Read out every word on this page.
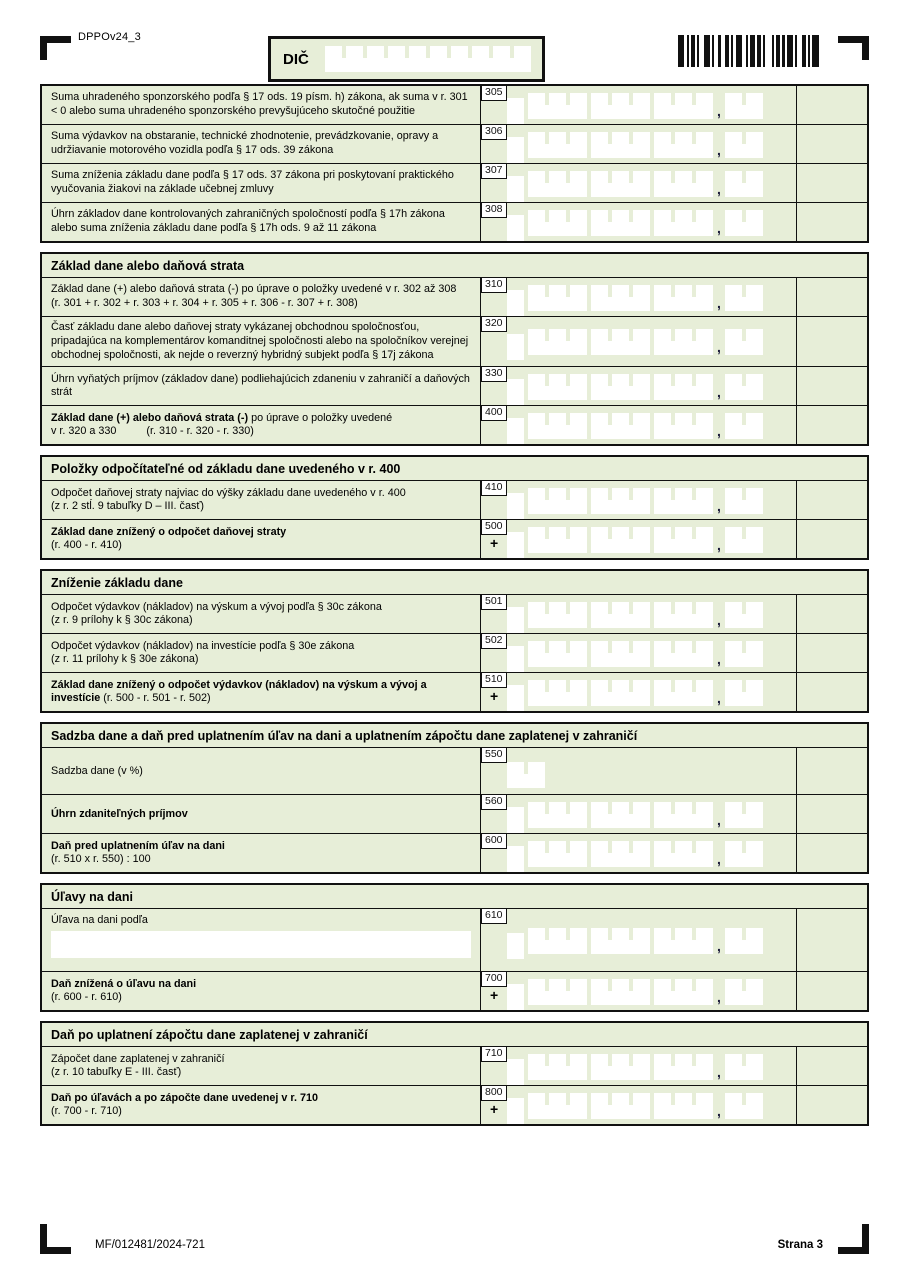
DPPOv24_3
DIČ
Suma uhradeného sponzorského podľa § 17 ods. 19 písm. h) zákona, ak suma v r. 301 < 0 alebo suma uhradeného sponzorského prevyšujúceho skutočné použitie
305
,
Suma výdavkov na obstaranie, technické zhodnotenie, prevádzkovanie, opravy a udržiavanie motorového vozidla podľa § 17 ods. 39 zákona
306
,
Suma zníženia základu dane podľa § 17 ods. 37 zákona pri poskytovaní praktického vyučovania žiakovi na základe učebnej zmluvy
307
,
Úhrn základov dane kontrolovaných zahraničných spoločností podľa § 17h zákona alebo suma zníženia základu dane podľa § 17h ods. 9 až 11 zákona
308
,
Základ dane alebo daňová strata
Základ dane (+) alebo daňová strata (-) po úprave o položky uvedené v r. 302 až 308
(r. 301 + r. 302 + r. 303 + r. 304 + r. 305 + r. 306 - r. 307 + r. 308)
310
,
Časť základu dane alebo daňovej straty vykázanej obchodnou spoločnosťou, pripadajúca na komplementárov komanditnej spoločnosti alebo na spoločníkov verejnej obchodnej spoločnosti, ak nejde o reverzný hybridný subjekt podľa § 17j zákona
320
,
Úhrn vyňatých príjmov (základov dane) podliehajúcich zdaneniu v zahraničí a daňových strát
330
,
Základ dane (+) alebo daňová strata (-) po úprave o položky uvedené
v r. 320 a 330          (r. 310 - r. 320 - r. 330)
400
,
Položky odpočítateľné od základu dane uvedeného v r. 400
Odpočet daňovej straty najviac do výšky základu dane uvedeného v r. 400
(z r. 2 stĺ. 9 tabuľky D – III. časť)
410
,
Základ dane znížený o odpočet daňovej straty
(r. 400 - r. 410)
500
+	,
Zníženie základu dane
Odpočet výdavkov (nákladov) na výskum a vývoj podľa § 30c zákona
(z r. 9 prílohy k § 30c zákona)
501
,
Odpočet výdavkov (nákladov) na investície podľa § 30e zákona
(z r. 11 prílohy k § 30e zákona)
502
,
Základ dane znížený o odpočet výdavkov (nákladov) na výskum a vývoj a investície (r. 500 - r. 501 - r. 502)
510
+	,
Sadzba dane a daň pred uplatnením úľav na dani a uplatnením zápočtu dane zaplatenej v zahraničí
Sadzba dane (v %)
550
Úhrn zdaniteľných príjmov
560
,
Daň pred uplatnením úľav na dani
(r. 510 x r. 550) : 100
600
,
Úľavy na dani
Úľava na dani podľa	610
,
Daň znížená o úľavu na dani
(r. 600 - r. 610)
700
+	,
Daň po uplatnení zápočtu dane zaplatenej v zahraničí
Zápočet dane zaplatenej v zahraničí
(z r. 10 tabuľky E - III. časť)
710
,
Daň po úľavách a po zápočte dane uvedenej v r. 710
(r. 700 - r. 710)
800
+	,
MF/012481/2024-721	Strana 3
